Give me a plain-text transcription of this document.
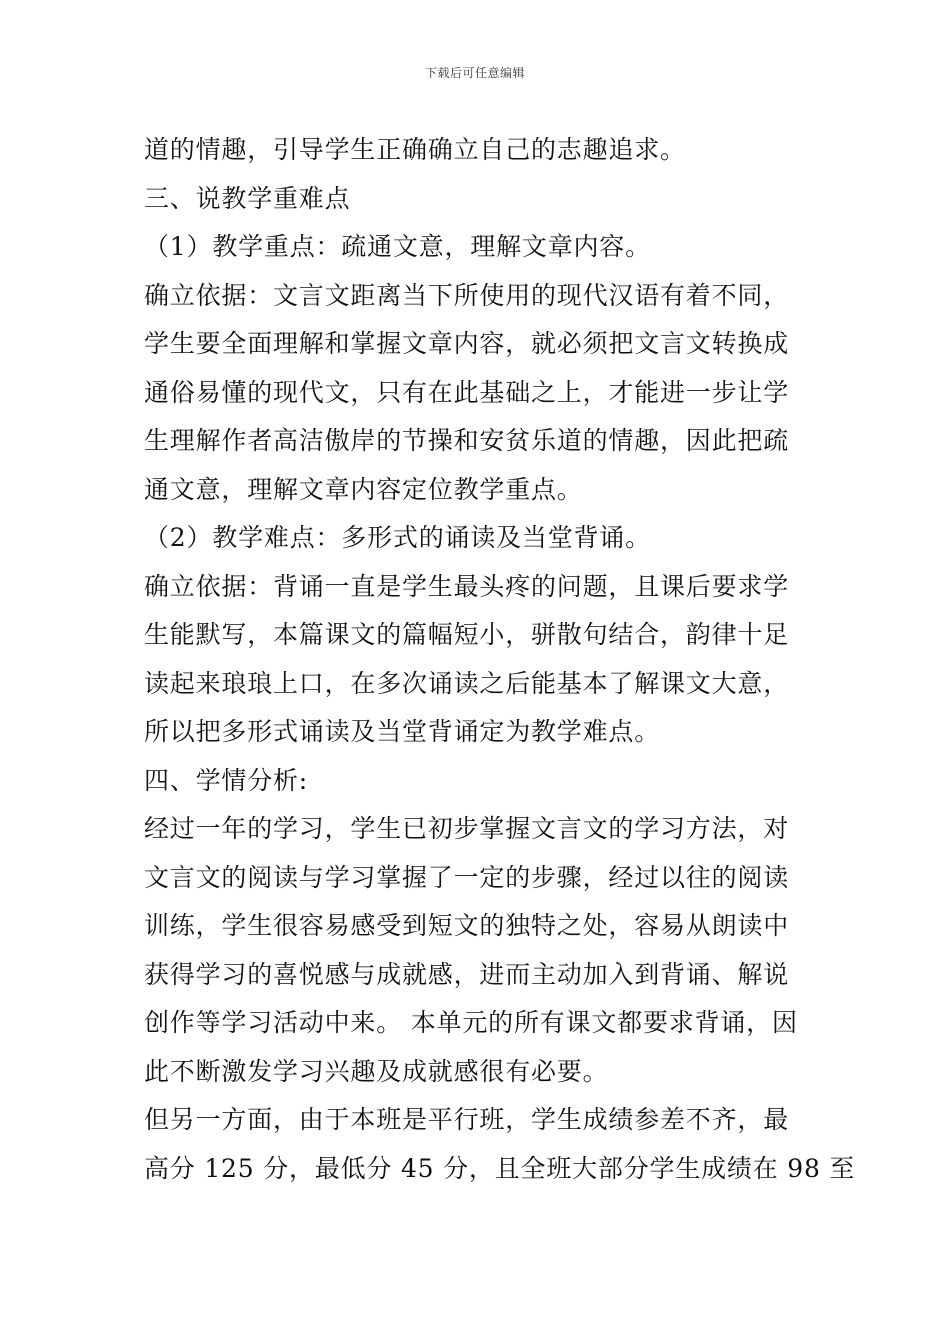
下载后可任意编辑
道的情趣，引导学生正确确立自己的志趣追求。
三、说教学重难点
（1）教学重点：疏通文意，理解文章内容。
确立依据：文言文距离当下所使用的现代汉语有着不同，
学生要全面理解和掌握文章内容，就必须把文言文转换成
通俗易懂的现代文，只有在此基础之上，才能进一步让学
生理解作者高洁傲岸的节操和安贫乐道的情趣，因此把疏
通文意，理解文章内容定位教学重点。
（2）教学难点：多形式的诵读及当堂背诵。
确立依据：背诵一直是学生最头疼的问题，且课后要求学
生能默写，本篇课文的篇幅短小，骈散句结合，韵律十足
读起来琅琅上口，在多次诵读之后能基本了解课文大意，
所以把多形式诵读及当堂背诵定为教学难点。
四、学情分析:
经过一年的学习，学生已初步掌握文言文的学习方法，对
文言文的阅读与学习掌握了一定的步骤，经过以往的阅读
训练，学生很容易感受到短文的独特之处，容易从朗读中
获得学习的喜悦感与成就感，进而主动加入到背诵、解说
创作等学习活动中来。 本单元的所有课文都要求背诵，因
此不断激发学习兴趣及成就感很有必要。
但另一方面，由于本班是平行班，学生成绩参差不齐，最
高分 125 分，最低分 45 分，且全班大部分学生成绩在 98 至
